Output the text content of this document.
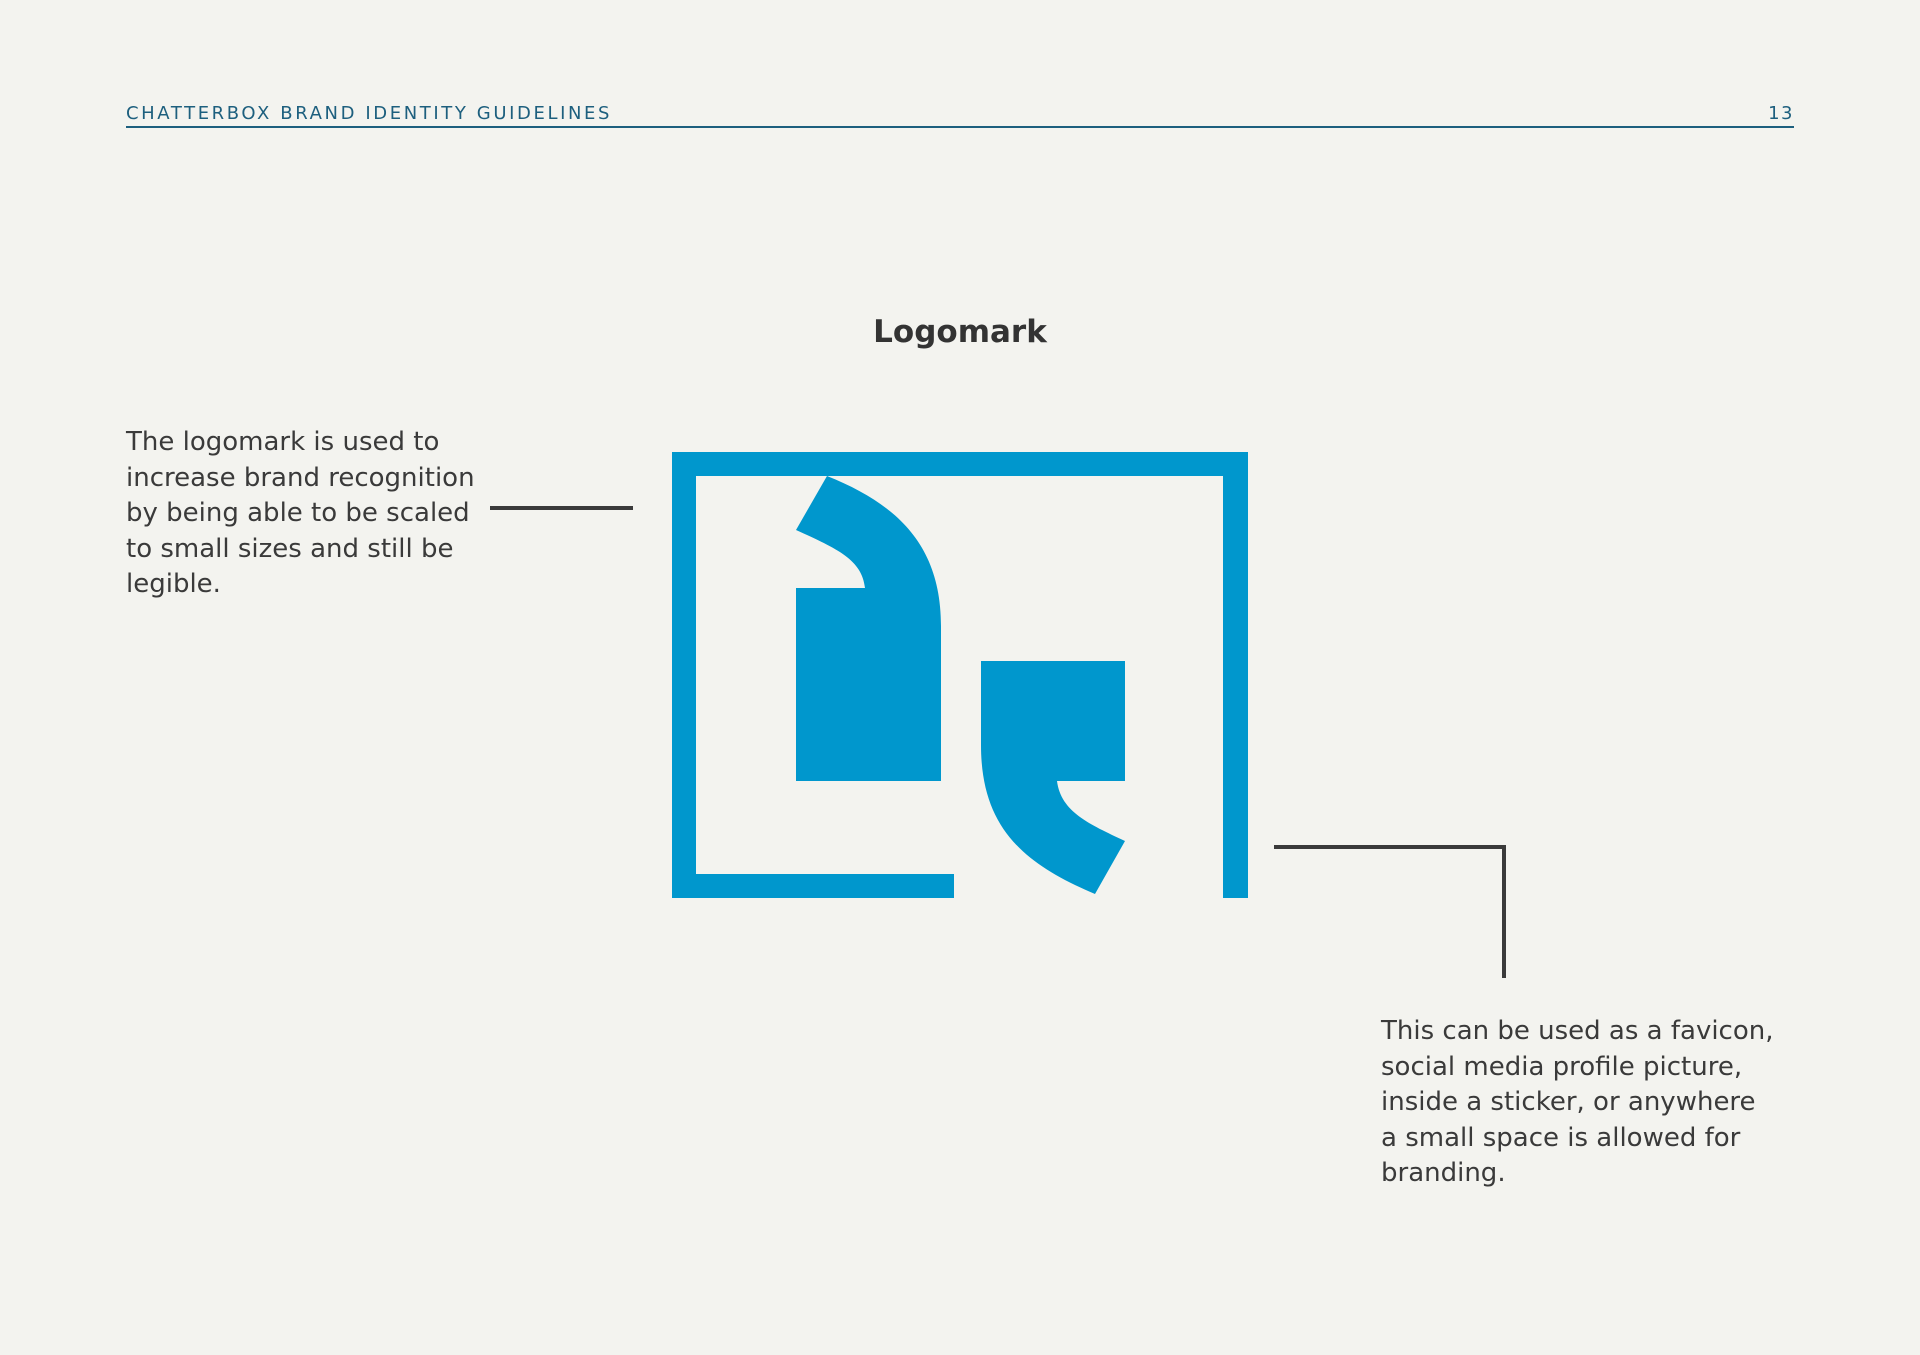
CHATTERBOX BRAND IDENTITY GUIDELINES	13
Logomark
The logomark is used to
increase brand recognition
by being able to be scaled
to small sizes and still be
legible.
This can be used as a favicon,
social media profile picture,
inside a sticker, or anywhere
a small space is allowed for
branding.
